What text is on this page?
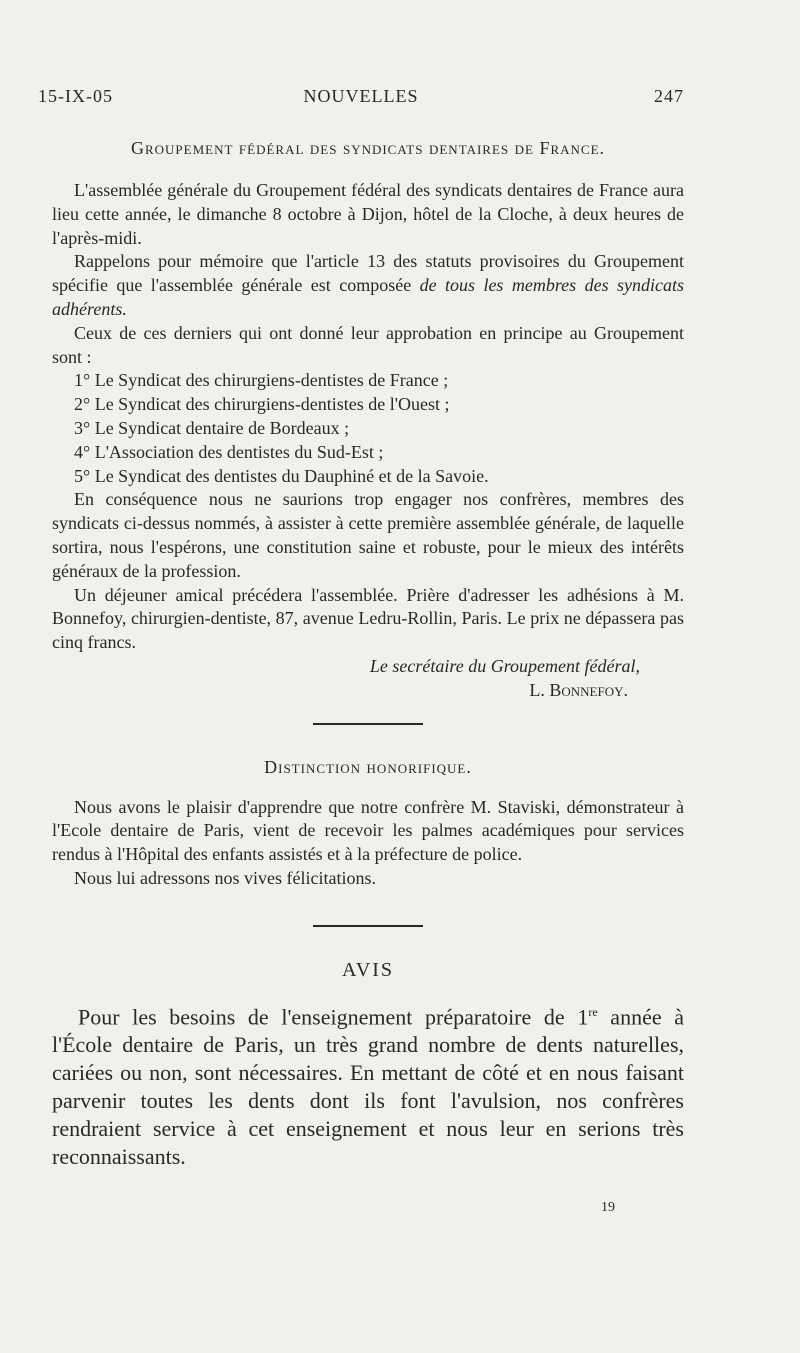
15-IX-05	NOUVELLES	247
Groupement fédéral des syndicats dentaires de France.

L'assemblée générale du Groupement fédéral des syndicats dentaires de France aura lieu cette année, le dimanche 8 octobre à Dijon, hôtel de la Cloche, à deux heures de l'après-midi.

Rappelons pour mémoire que l'article 13 des statuts provisoires du Groupement spécifie que l'assemblée générale est composée de tous les membres des syndicats adhérents.

Ceux de ces derniers qui ont donné leur approbation en principe au Groupement sont :

1° Le Syndicat des chirurgiens-dentistes de France ;

2° Le Syndicat des chirurgiens-dentistes de l'Ouest ;

3° Le Syndicat dentaire de Bordeaux ;

4° L'Association des dentistes du Sud-Est ;

5° Le Syndicat des dentistes du Dauphiné et de la Savoie.

En conséquence nous ne saurions trop engager nos confrères, membres des syndicats ci-dessus nommés, à assister à cette première assemblée générale, de laquelle sortira, nous l'espérons, une constitution saine et robuste, pour le mieux des intérêts généraux de la profession.

Un déjeuner amical précédera l'assemblée. Prière d'adresser les adhésions à M. Bonnefoy, chirurgien-dentiste, 87, avenue Ledru-Rollin, Paris. Le prix ne dépassera pas cinq francs.

Le secrétaire du Groupement fédéral,
L. Bonnefoy.
Distinction honorifique.

Nous avons le plaisir d'apprendre que notre confrère M. Staviski, démonstrateur à l'Ecole dentaire de Paris, vient de recevoir les palmes académiques pour services rendus à l'Hôpital des enfants assistés et à la préfecture de police.

Nous lui adressons nos vives félicitations.

AVIS

Pour les besoins de l'enseignement préparatoire de 1re année à l'École dentaire de Paris, un très grand nombre de dents naturelles, cariées ou non, sont nécessaires. En mettant de côté et en nous faisant parvenir toutes les dents dont ils font l'avulsion, nos confrères rendraient service à cet enseignement et nous leur en serions très reconnaissants.

19
